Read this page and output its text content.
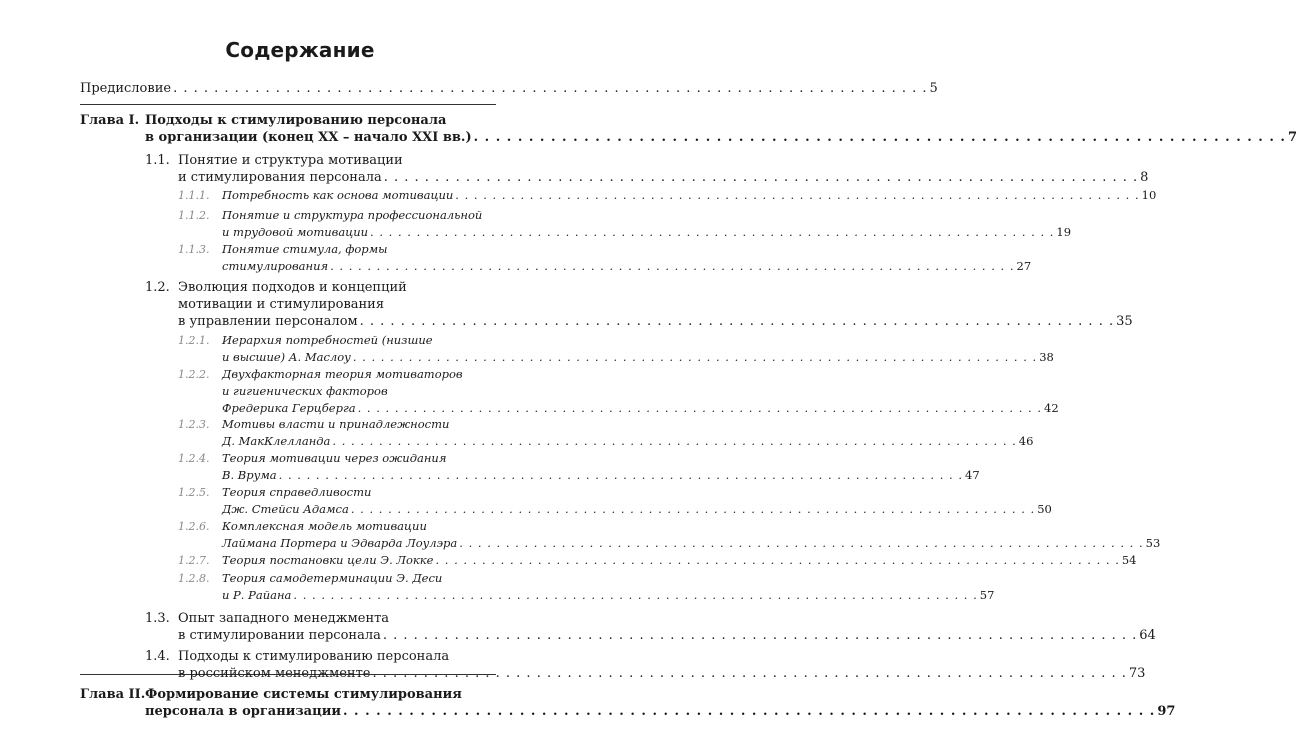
Содержание
Предисловие . . . . . . . . . . . . . . . . . . . . . . . . . . . . . . . . . . . . . . . . . . . . . . . . . . . . . . . . . . . . . . . . . . . . . . . . . . 5
Глава I. Подходы к стимулированию персонала
в организации (конец XX – начало XXI вв.) . . . . . . . . . . . . . . . . . . . . . . . . . . . . . . . . . . . . . . . . . . . . . . . . . . . . . . . . . . . . . . . . . . . . . . . . . . 7
1.1. Понятие и структура мотивации
и стимулирования персонала . . . . . . . . . . . . . . . . . . . . . . . . . . . . . . . . . . . . . . . . . . . . . . . . . . . . . . . . . . . . . . . . . . . . . . . . . . 8
1.1.1. Потребность как основа мотивации . . . . . . . . . . . . . . . . . . . . . . . . . . . . . . . . . . . . . . . . . . . . . . . . . . . . . . . . . . . . . . . . . . . . . . . . . . 10
1.1.2. Понятие и структура профессиональной
и трудовой мотивации . . . . . . . . . . . . . . . . . . . . . . . . . . . . . . . . . . . . . . . . . . . . . . . . . . . . . . . . . . . . . . . . . . . . . . . . . . 19
1.1.3. Понятие стимула, формы
стимулирования . . . . . . . . . . . . . . . . . . . . . . . . . . . . . . . . . . . . . . . . . . . . . . . . . . . . . . . . . . . . . . . . . . . . . . . . . . 27
1.2. Эволюция подходов и концепций
мотивации и стимулирования
в управлении персоналом . . . . . . . . . . . . . . . . . . . . . . . . . . . . . . . . . . . . . . . . . . . . . . . . . . . . . . . . . . . . . . . . . . . . . . . . . . 35
1.2.1. Иерархия потребностей (низшие
и высшие) А. Маслоу . . . . . . . . . . . . . . . . . . . . . . . . . . . . . . . . . . . . . . . . . . . . . . . . . . . . . . . . . . . . . . . . . . . . . . . . . . 38
1.2.2. Двухфакторная теория мотиваторов
и гигиенических факторов
Фредерика Герцберга . . . . . . . . . . . . . . . . . . . . . . . . . . . . . . . . . . . . . . . . . . . . . . . . . . . . . . . . . . . . . . . . . . . . . . . . . . 42
1.2.3. Мотивы власти и принадлежности
Д. МакКлелланда . . . . . . . . . . . . . . . . . . . . . . . . . . . . . . . . . . . . . . . . . . . . . . . . . . . . . . . . . . . . . . . . . . . . . . . . . . 46
1.2.4. Теория мотивации через ожидания
В. Врума . . . . . . . . . . . . . . . . . . . . . . . . . . . . . . . . . . . . . . . . . . . . . . . . . . . . . . . . . . . . . . . . . . . . . . . . . . 47
1.2.5. Теория справедливости
Дж. Стейси Адамса . . . . . . . . . . . . . . . . . . . . . . . . . . . . . . . . . . . . . . . . . . . . . . . . . . . . . . . . . . . . . . . . . . . . . . . . . . 50
1.2.6. Комплексная модель мотивации
Лаймана Портера и Эдварда Лоулэра . . . . . . . . . . . . . . . . . . . . . . . . . . . . . . . . . . . . . . . . . . . . . . . . . . . . . . . . . . . . . . . . . . . . . . . . . . 53
1.2.7. Теория постановки цели Э. Локке . . . . . . . . . . . . . . . . . . . . . . . . . . . . . . . . . . . . . . . . . . . . . . . . . . . . . . . . . . . . . . . . . . . . . . . . . . 54
1.2.8. Теория самодетерминации Э. Деси
и Р. Райана . . . . . . . . . . . . . . . . . . . . . . . . . . . . . . . . . . . . . . . . . . . . . . . . . . . . . . . . . . . . . . . . . . . . . . . . . . 57
1.3. Опыт западного менеджмента
в стимулировании персонала . . . . . . . . . . . . . . . . . . . . . . . . . . . . . . . . . . . . . . . . . . . . . . . . . . . . . . . . . . . . . . . . . . . . . . . . . . 64
1.4. Подходы к стимулированию персонала
в российском менеджменте . . . . . . . . . . . . . . . . . . . . . . . . . . . . . . . . . . . . . . . . . . . . . . . . . . . . . . . . . . . . . . . . . . . . . . . . . . 73
Глава II. Формирование системы стимулирования
персонала в организации . . . . . . . . . . . . . . . . . . . . . . . . . . . . . . . . . . . . . . . . . . . . . . . . . . . . . . . . . . . . . . . . . . . . . . . . . . 97
